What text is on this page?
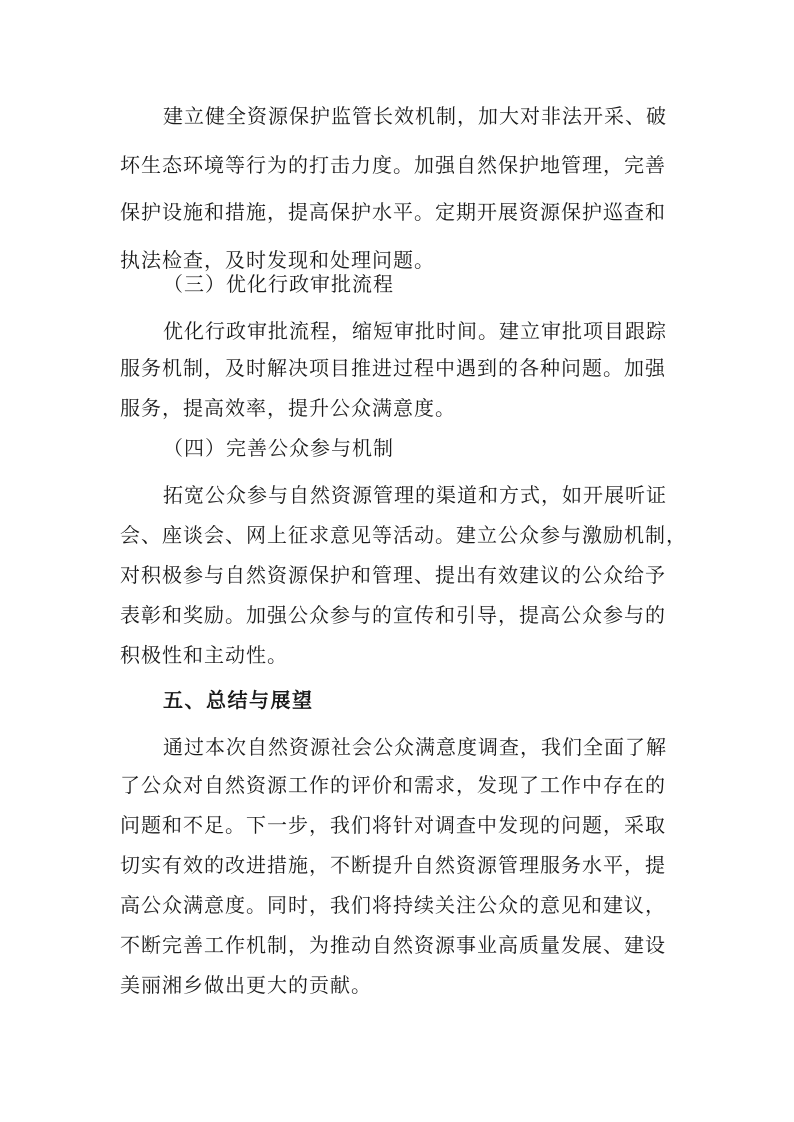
建立健全资源保护监管长效机制，加大对非法开采、破
坏生态环境等行为的打击力度。加强自然保护地管理，完善
保护设施和措施，提高保护水平。定期开展资源保护巡查和
执法检查，及时发现和处理问题。
（三）优化行政审批流程
优化行政审批流程，缩短审批时间。建立审批项目跟踪
服务机制，及时解决项目推进过程中遇到的各种问题。加强
服务，提高效率，提升公众满意度。
（四）完善公众参与机制
拓宽公众参与自然资源管理的渠道和方式，如开展听证
会、座谈会、网上征求意见等活动。建立公众参与激励机制，
对积极参与自然资源保护和管理、提出有效建议的公众给予
表彰和奖励。加强公众参与的宣传和引导，提高公众参与的
积极性和主动性。
五、总结与展望
通过本次自然资源社会公众满意度调查，我们全面了解
了公众对自然资源工作的评价和需求，发现了工作中存在的
问题和不足。下一步，我们将针对调查中发现的问题，采取
切实有效的改进措施，不断提升自然资源管理服务水平，提
高公众满意度。同时，我们将持续关注公众的意见和建议，
不断完善工作机制，为推动自然资源事业高质量发展、建设
美丽湘乡做出更大的贡献。
